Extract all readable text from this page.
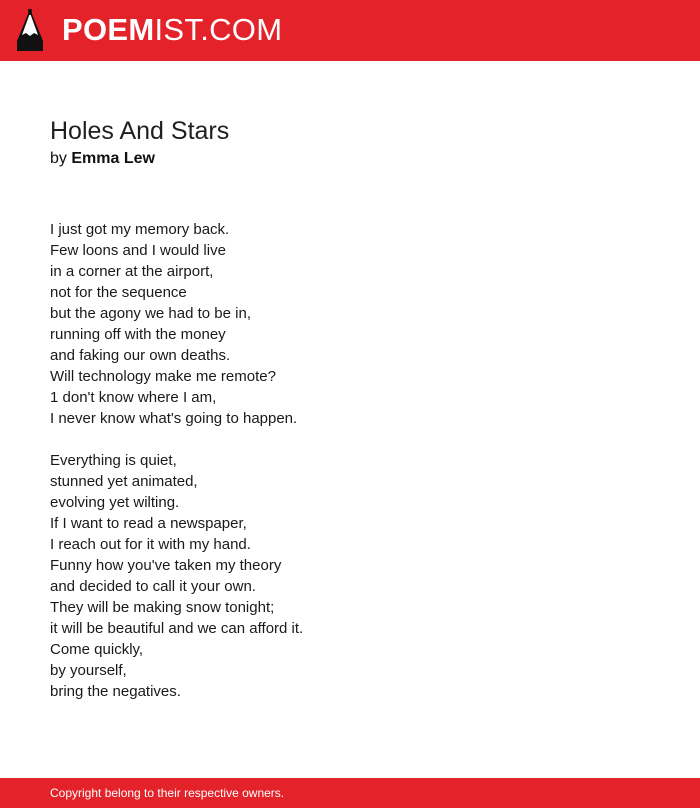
POEMIST.COM
Holes And Stars
by Emma Lew
I just got my memory back.
Few loons and I would live
in a corner at the airport,
not for the sequence
but the agony we had to be in,
running off with the money
and faking our own deaths.
Will technology make me remote?
1 don't know where I am,
I never know what's going to happen.
Everything is quiet,
stunned yet animated,
evolving yet wilting.
If I want to read a newspaper,
I reach out for it with my hand.
Funny how you've taken my theory
and decided to call it your own.
They will be making snow tonight;
it will be beautiful and we can afford it.
Come quickly,
by yourself,
bring the negatives.
Copyright belong to their respective owners.
